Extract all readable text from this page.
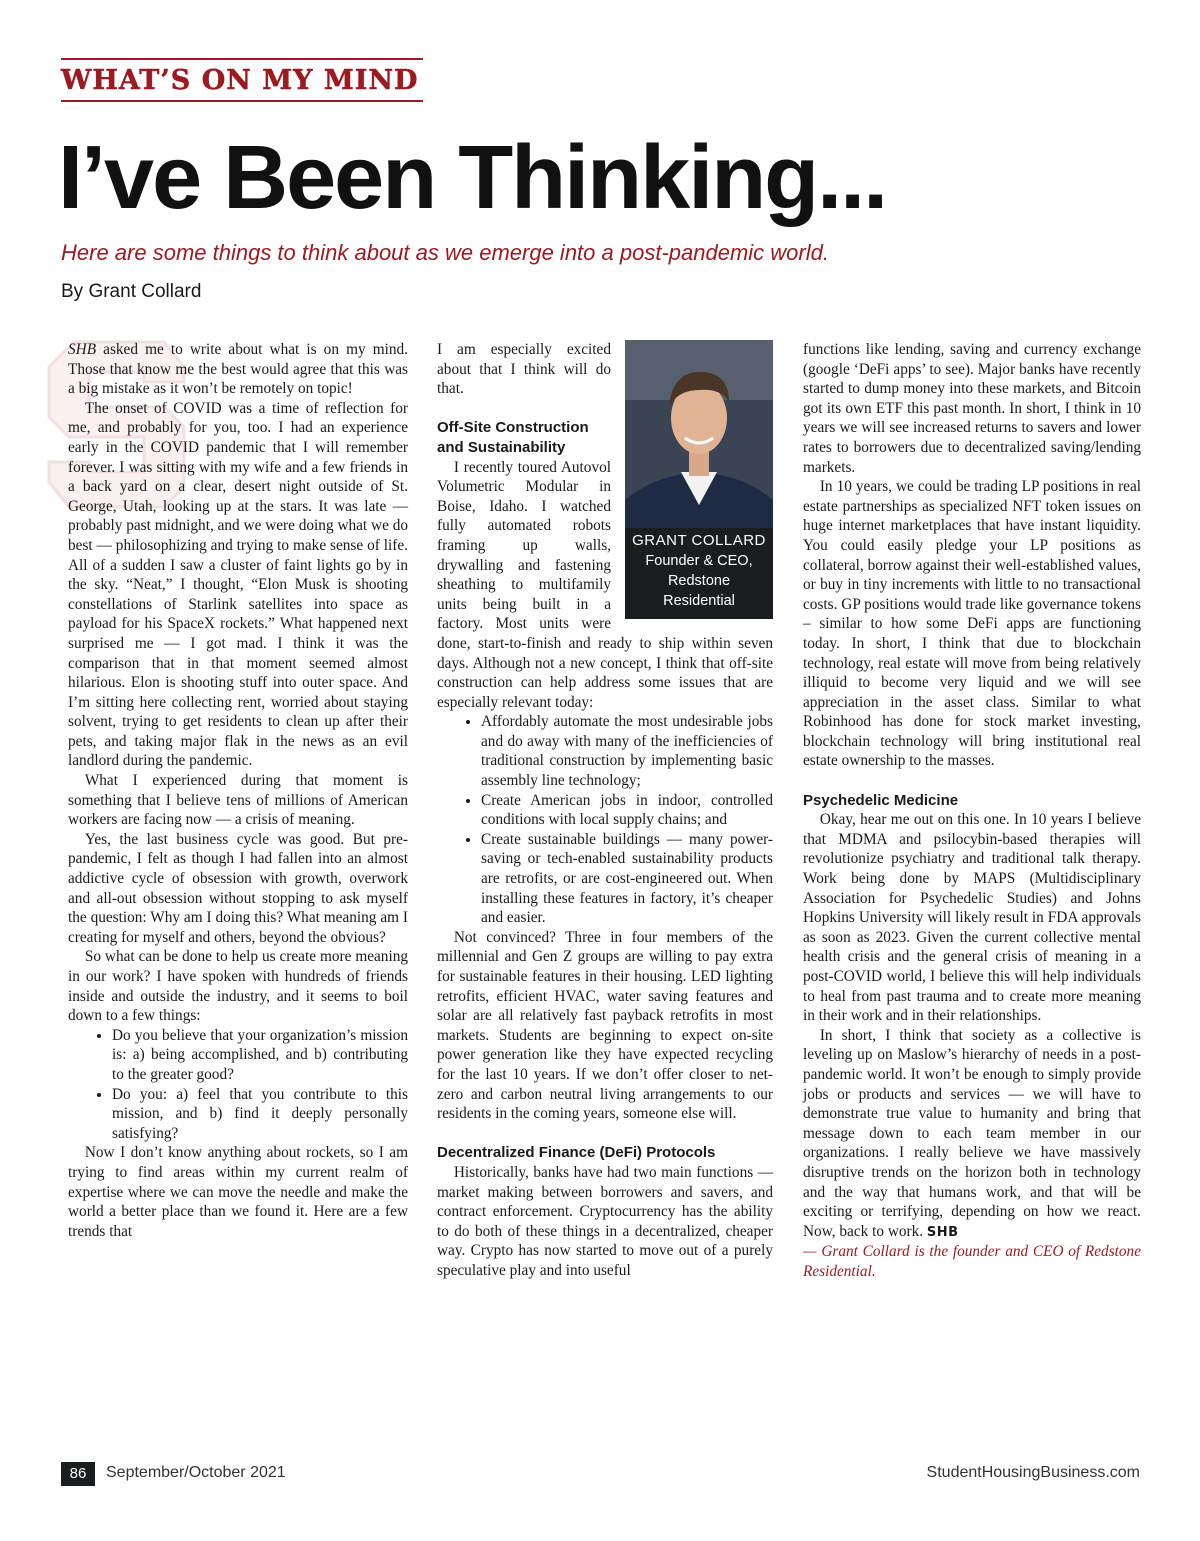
WHAT’S ON MY MIND
I’ve Been Thinking...
Here are some things to think about as we emerge into a post-pandemic world.
By Grant Collard

SHB asked me to write about what is on my mind. Those that know me the best would agree that this was a big mistake as it won’t be remotely on topic!

The onset of COVID was a time of reflection for me, and probably for you, too. I had an experience early in the COVID pandemic that I will remember forever. I was sitting with my wife and a few friends in a back yard on a clear, desert night outside of St. George, Utah, looking up at the stars. It was late — probably past midnight, and we were doing what we do best — philosophizing and trying to make sense of life. All of a sudden I saw a cluster of faint lights go by in the sky. “Neat,” I thought, “Elon Musk is shooting constellations of Starlink satellites into space as payload for his SpaceX rockets.” What happened next surprised me — I got mad. I think it was the comparison that in that moment seemed almost hilarious. Elon is shooting stuff into outer space. And I’m sitting here collecting rent, worried about staying solvent, trying to get residents to clean up after their pets, and taking major flak in the news as an evil landlord during the pandemic.

What I experienced during that moment is something that I believe tens of millions of American workers are facing now — a crisis of meaning.

Yes, the last business cycle was good. But pre-pandemic, I felt as though I had fallen into an almost addictive cycle of obsession with growth, overwork and all-out obsession without stopping to ask myself the question: Why am I doing this? What meaning am I creating for myself and others, beyond the obvious?

So what can be done to help us create more meaning in our work? I have spoken with hundreds of friends inside and outside the industry, and it seems to boil down to a few things:

• Do you believe that your organization’s mission is: a) being accomplished, and b) contributing to the greater good?
• Do you: a) feel that you contribute to this mission, and b) find it deeply personally satisfying?

Now I don’t know anything about rockets, so I am trying to find areas within my current realm of expertise where we can move the needle and make the world a better place than we found it. Here are a few trends that

GRANT COLLARD
Founder & CEO,
Redstone
Residential

I am especially excited about that I think will do that.

Off-Site Construction and Sustainability

I recently toured Autovol Volumetric Modular in Boise, Idaho. I watched fully automated robots framing up walls, drywalling and fastening sheathing to multifamily units being built in a factory. Most units were done, start-to-finish and ready to ship within seven days. Although not a new concept, I think that off-site construction can help address some issues that are especially relevant today:

• Affordably automate the most undesirable jobs and do away with many of the inefficiencies of traditional construction by implementing basic assembly line technology;
• Create American jobs in indoor, controlled conditions with local supply chains; and
• Create sustainable buildings — many power-saving or tech-enabled sustainability products are retrofits, or are cost-engineered out. When installing these features in factory, it’s cheaper and easier.

Not convinced? Three in four members of the millennial and Gen Z groups are willing to pay extra for sustainable features in their housing. LED lighting retrofits, efficient HVAC, water saving features and solar are all relatively fast payback retrofits in most markets. Students are beginning to expect on-site power generation like they have expected recycling for the last 10 years. If we don’t offer closer to net-zero and carbon neutral living arrangements to our residents in the coming years, someone else will.

Decentralized Finance (DeFi) Protocols

Historically, banks have had two main functions — market making between borrowers and savers, and contract enforcement. Cryptocurrency has the ability to do both of these things in a decentralized, cheaper way. Crypto has now started to move out of a purely speculative play and into useful

functions like lending, saving and currency exchange (google ‘DeFi apps’ to see). Major banks have recently started to dump money into these markets, and Bitcoin got its own ETF this past month. In short, I think in 10 years we will see increased returns to savers and lower rates to borrowers due to decentralized saving/lending markets.

In 10 years, we could be trading LP positions in real estate partnerships as specialized NFT token issues on huge internet marketplaces that have instant liquidity. You could easily pledge your LP positions as collateral, borrow against their well-established values, or buy in tiny increments with little to no transactional costs. GP positions would trade like governance tokens – similar to how some DeFi apps are functioning today. In short, I think that due to blockchain technology, real estate will move from being relatively illiquid to become very liquid and we will see appreciation in the asset class. Similar to what Robinhood has done for stock market investing, blockchain technology will bring institutional real estate ownership to the masses.

Psychedelic Medicine

Okay, hear me out on this one. In 10 years I believe that MDMA and psilocybin-based therapies will revolutionize psychiatry and traditional talk therapy. Work being done by MAPS (Multidisciplinary Association for Psychedelic Studies) and Johns Hopkins University will likely result in FDA approvals as soon as 2023. Given the current collective mental health crisis and the general crisis of meaning in a post-COVID world, I believe this will help individuals to heal from past trauma and to create more meaning in their work and in their relationships.

In short, I think that society as a collective is leveling up on Maslow’s hierarchy of needs in a post-pandemic world. It won’t be enough to simply provide jobs or products and services — we will have to demonstrate true value to humanity and bring that message down to each team member in our organizations. I really believe we have massively disruptive trends on the horizon both in technology and the way that humans work, and that will be exciting or terrifying, depending on how we react. Now, back to work. SHB

— Grant Collard is the founder and CEO of Redstone Residential.

86	September/October 2021	StudentHousingBusiness.com
